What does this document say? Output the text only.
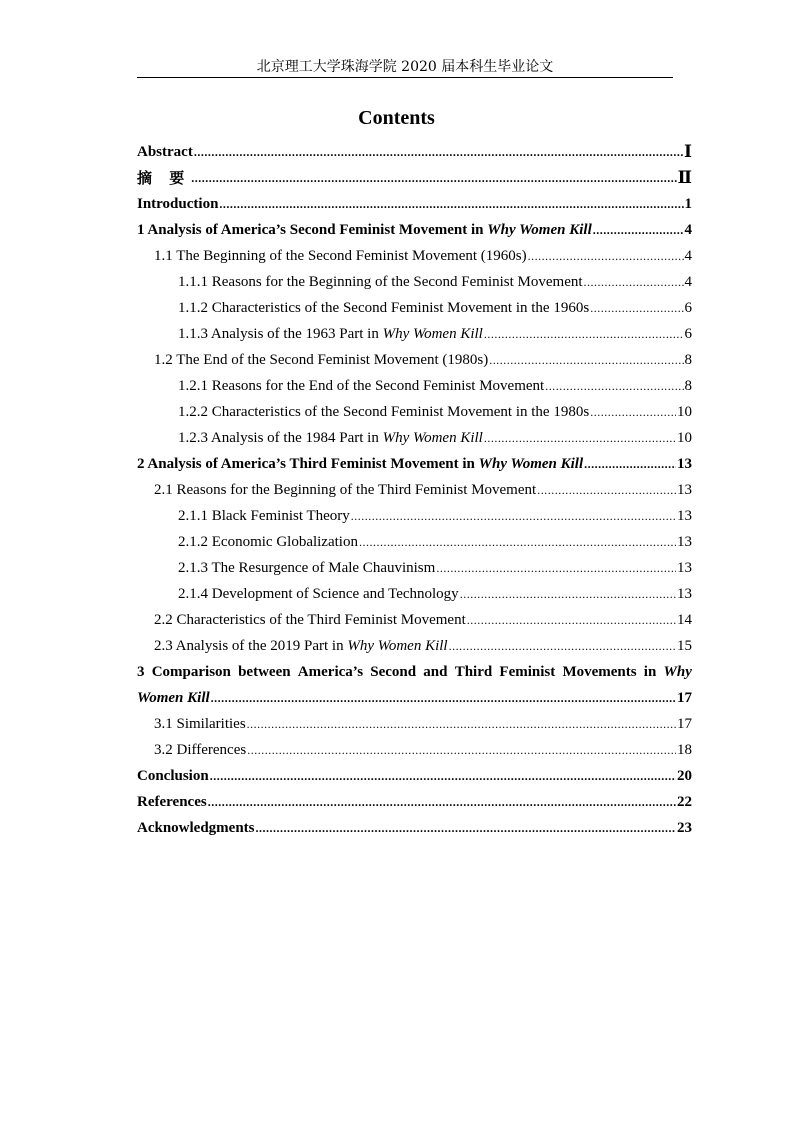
北京理工大学珠海学院 2020 届本科生毕业论文
Contents
Abstract .....	Ⅰ
摘 要 .....	Ⅱ
Introduction .....	1
1 Analysis of America’s Second Feminist Movement in Why Women Kill .....	4
1.1 The Beginning of the Second Feminist Movement (1960s) .....	4
1.1.1 Reasons for the Beginning of the Second Feminist Movement .....	4
1.1.2 Characteristics of the Second Feminist Movement in the 1960s .....	6
1.1.3 Analysis of the 1963 Part in Why Women Kill .....	6
1.2 The End of the Second Feminist Movement (1980s) .....	8
1.2.1 Reasons for the End of the Second Feminist Movement .....	8
1.2.2 Characteristics of the Second Feminist Movement in the 1980s .....	10
1.2.3 Analysis of the 1984 Part in Why Women Kill .....	10
2 Analysis of America’s Third Feminist Movement in Why Women Kill .....	13
2.1 Reasons for the Beginning of the Third Feminist Movement .....	13
2.1.1 Black Feminist Theory .....	13
2.1.2 Economic Globalization .....	13
2.1.3 The Resurgence of Male Chauvinism .....	13
2.1.4 Development of Science and Technology .....	13
2.2 Characteristics of the Third Feminist Movement .....	14
2.3 Analysis of the 2019 Part in Why Women Kill .....	15
3 Comparison between America’s Second and Third Feminist Movements in Why
Women Kill .....	17
3.1 Similarities .....	17
3.2 Differences .....	18
Conclusion .....	20
References .....	22
Acknowledgments .....	23
